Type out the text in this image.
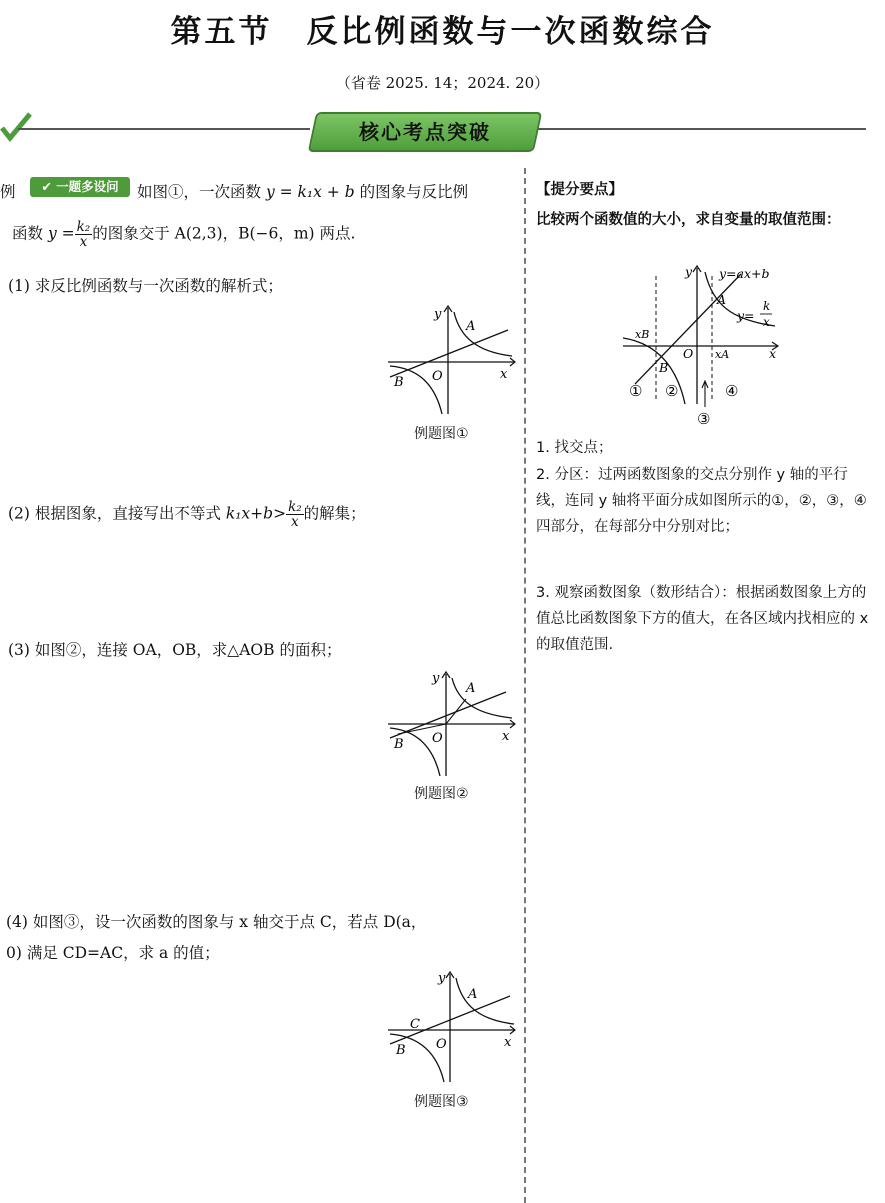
第五节　反比例函数与一次函数综合
（省卷 2025. 14；2024. 20）
核心考点突破
例	✔ 一题多设问	如图①，一次函数 y = k₁x + b 的图象与反比例
函数 $y = \frac{\text{k₂}}{x}$ 的图象交于 A(2,3)，B(−6，m) 两点.
(1) 求反比例函数与一次函数的解析式；
y
x
O
A
B
例题图①
(2) 根据图象，直接写出不等式 $k_1x+b> \frac{\text{k₂}}{x}$ 的解集；
(3) 如图②，连接 OA，OB，求△AOB 的面积；
y
x
O
A
B
例题图②
(4) 如图③，设一次函数的图象与 x 轴交于点 C，若点 D(a，
0) 满足 CD=AC，求 a 的值；
y
x
O
A
C
B
例题图③
【提分要点】
比较两个函数值的大小，求自变量的取值范围：
y=ax+b
y=
k
x
y
x
O
A
B
xA
xB
① ②
③
④
1. 找交点；
2. 分区：过两函数图象的交点分别作 y 轴的平行线，连同 y 轴将平面分成如图所示的①，②，③，④四部分，在每部分中分别对比；
3. 观察函数图象（数形结合）：根据函数图象上方的值总比函数图象下方的值大，在各区域内找相应的 x 的取值范围.
